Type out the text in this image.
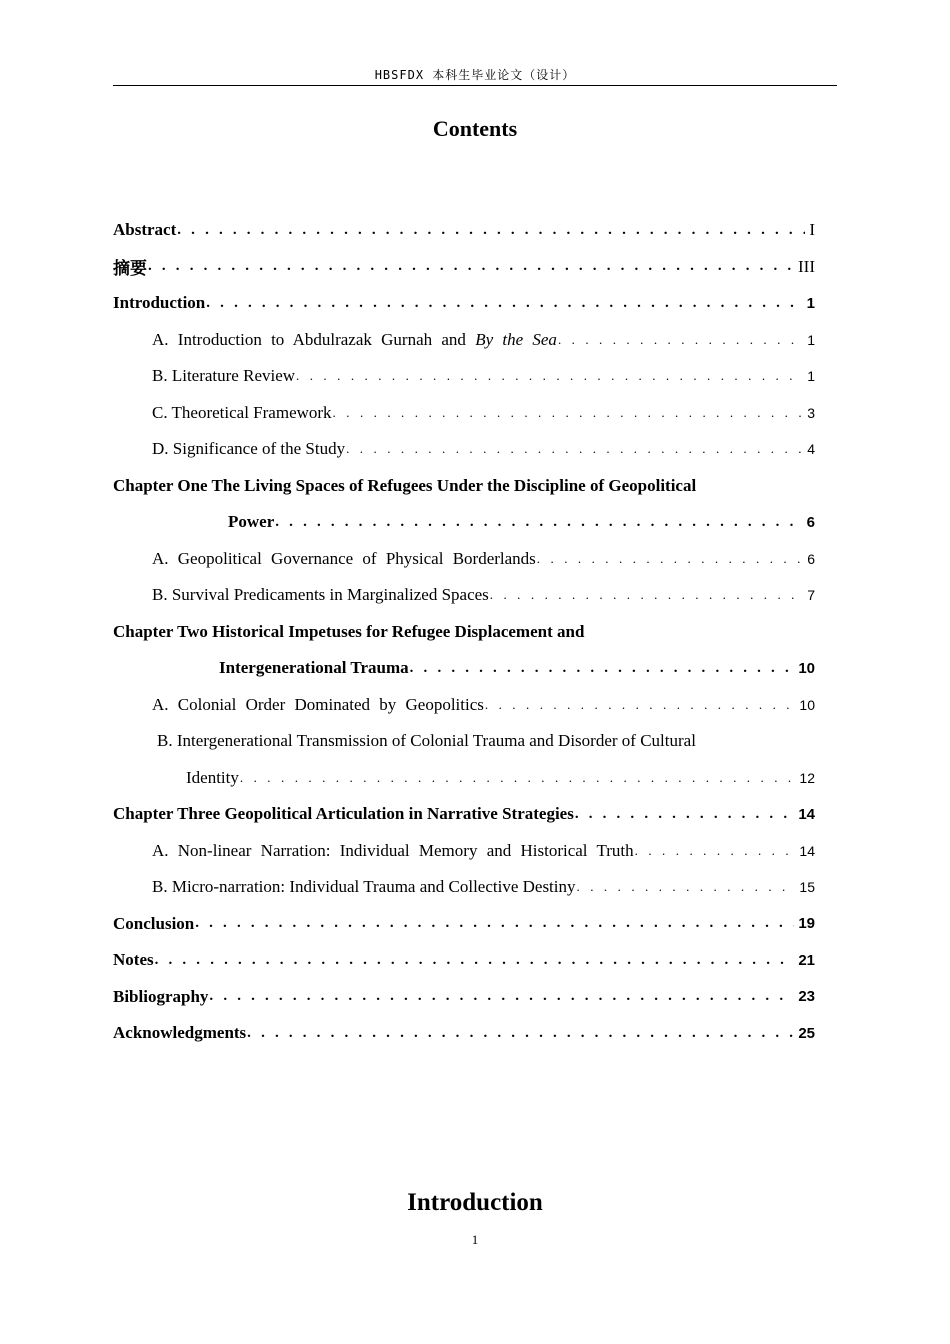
HBSFDX 本科生毕业论文（设计）
Contents
Abstract . . .	I
摘要 . . .	III
Introduction . . .	1
A. Introduction to Abdulrazak Gurnah and By the Sea . . .	1
B. Literature Review . . .	1
C. Theoretical Framework . . .	3
D. Significance of the Study . . .	4
Chapter One The Living Spaces of Refugees Under the Discipline of Geopolitical
Power . . .	6
A. Geopolitical Governance of Physical Borderlands . . .	6
B. Survival Predicaments in Marginalized Spaces . . .	7
Chapter Two Historical Impetuses for Refugee Displacement and
Intergenerational Trauma . . .	10
A. Colonial Order Dominated by Geopolitics . . .	10
B. Intergenerational Transmission of Colonial Trauma and Disorder of Cultural
Identity . . .	12
Chapter Three Geopolitical Articulation in Narrative Strategies . . .	14
A. Non-linear Narration: Individual Memory and Historical Truth . . .	14
B. Micro-narration: Individual Trauma and Collective Destiny . . .	15
Conclusion . . .	19
Notes . . .	21
Bibliography . . .	23
Acknowledgments . . .	25
Introduction
1
